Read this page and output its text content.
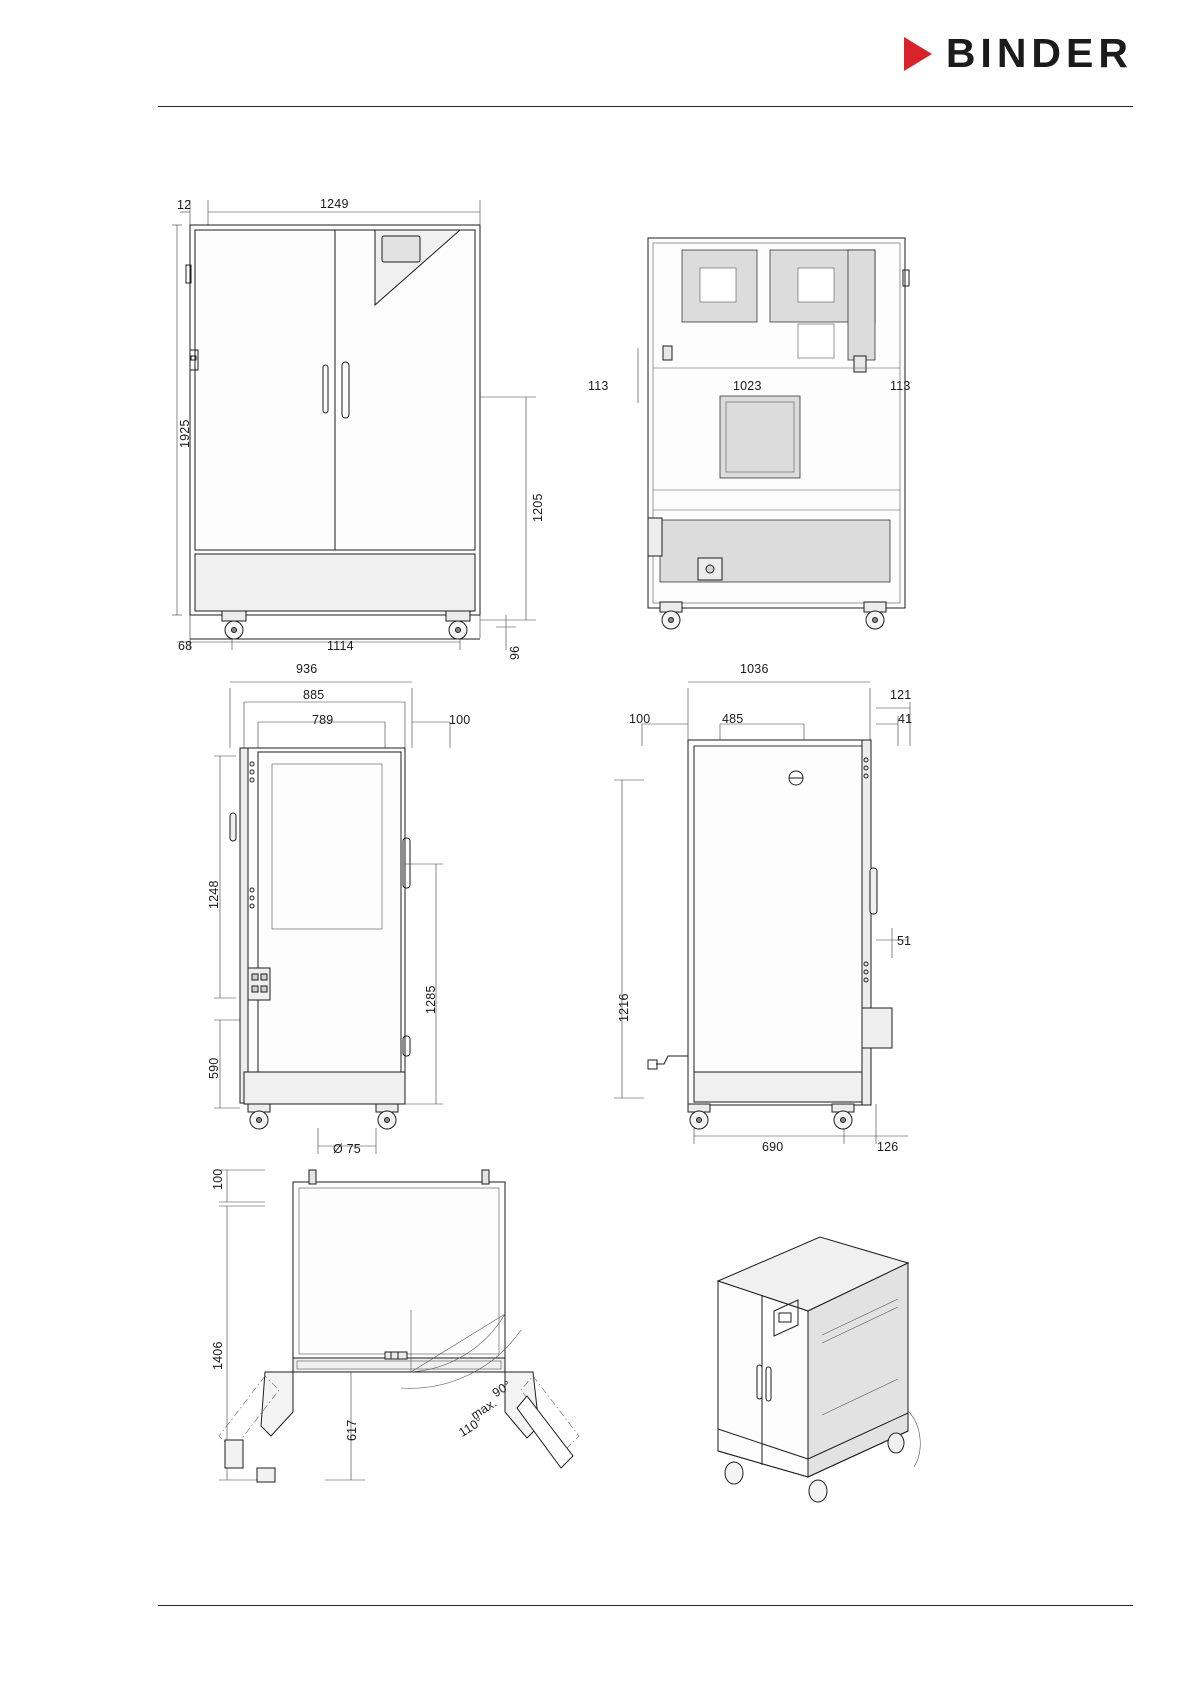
BINDER
12	1249
1925
1205
68	1114	96
113	1023	113
936
885
789	100
1248
1285
590
Ø 75
1036
121
41
100	485
51
1216
690	126
100
1406
617
90°
max.
110°
